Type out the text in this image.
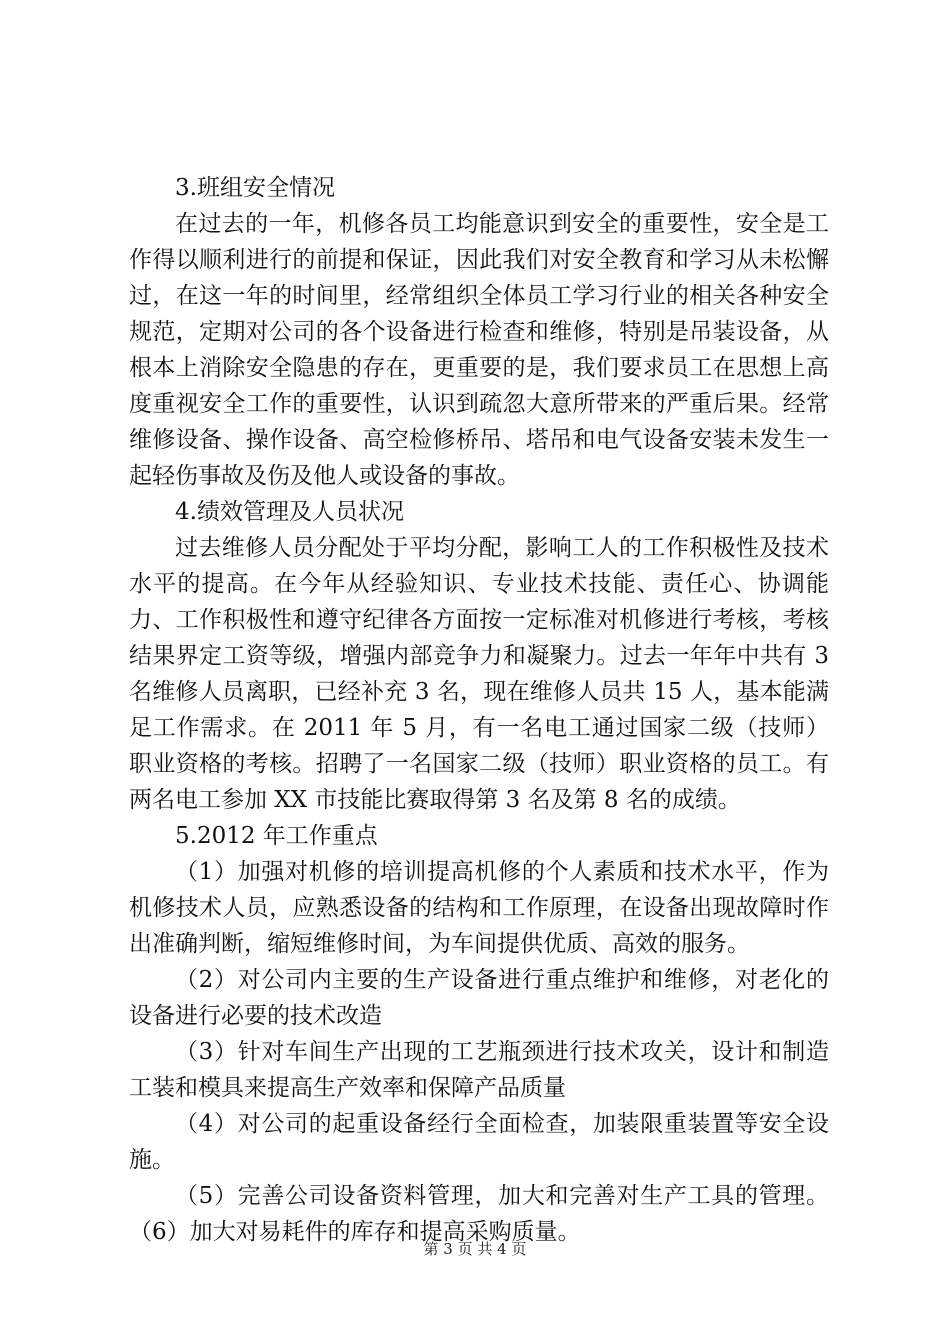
3.班组安全情况

在过去的一年，机修各员工均能意识到安全的重要性，安全是工作得以顺利进行的前提和保证，因此我们对安全教育和学习从未松懈过，在这一年的时间里，经常组织全体员工学习行业的相关各种安全规范，定期对公司的各个设备进行检查和维修，特别是吊装设备，从根本上消除安全隐患的存在，更重要的是，我们要求员工在思想上高度重视安全工作的重要性，认识到疏忽大意所带来的严重后果。经常维修设备、操作设备、高空检修桥吊、塔吊和电气设备安装未发生一起轻伤事故及伤及他人或设备的事故。

4.绩效管理及人员状况

过去维修人员分配处于平均分配，影响工人的工作积极性及技术水平的提高。在今年从经验知识、专业技术技能、责任心、协调能力、工作积极性和遵守纪律各方面按一定标准对机修进行考核，考核结果界定工资等级，增强内部竞争力和凝聚力。过去一年年中共有 3 名维修人员离职，已经补充 3 名，现在维修人员共 15 人，基本能满足工作需求。在 2011 年 5 月，有一名电工通过国家二级（技师）职业资格的考核。招聘了一名国家二级（技师）职业资格的员工。有两名电工参加 XX 市技能比赛取得第 3 名及第 8 名的成绩。

5.2012 年工作重点

（1）加强对机修的培训提高机修的个人素质和技术水平，作为机修技术人员，应熟悉设备的结构和工作原理，在设备出现故障时作出准确判断，缩短维修时间，为车间提供优质、高效的服务。

（2）对公司内主要的生产设备进行重点维护和维修，对老化的设备进行必要的技术改造

（3）针对车间生产出现的工艺瓶颈进行技术攻关，设计和制造工装和模具来提高生产效率和保障产品质量

（4）对公司的起重设备经行全面检查，加装限重装置等安全设施。

（5）完善公司设备资料管理，加大和完善对生产工具的管理。（6）加大对易耗件的库存和提高采购质量。

第 3 页 共 4 页
